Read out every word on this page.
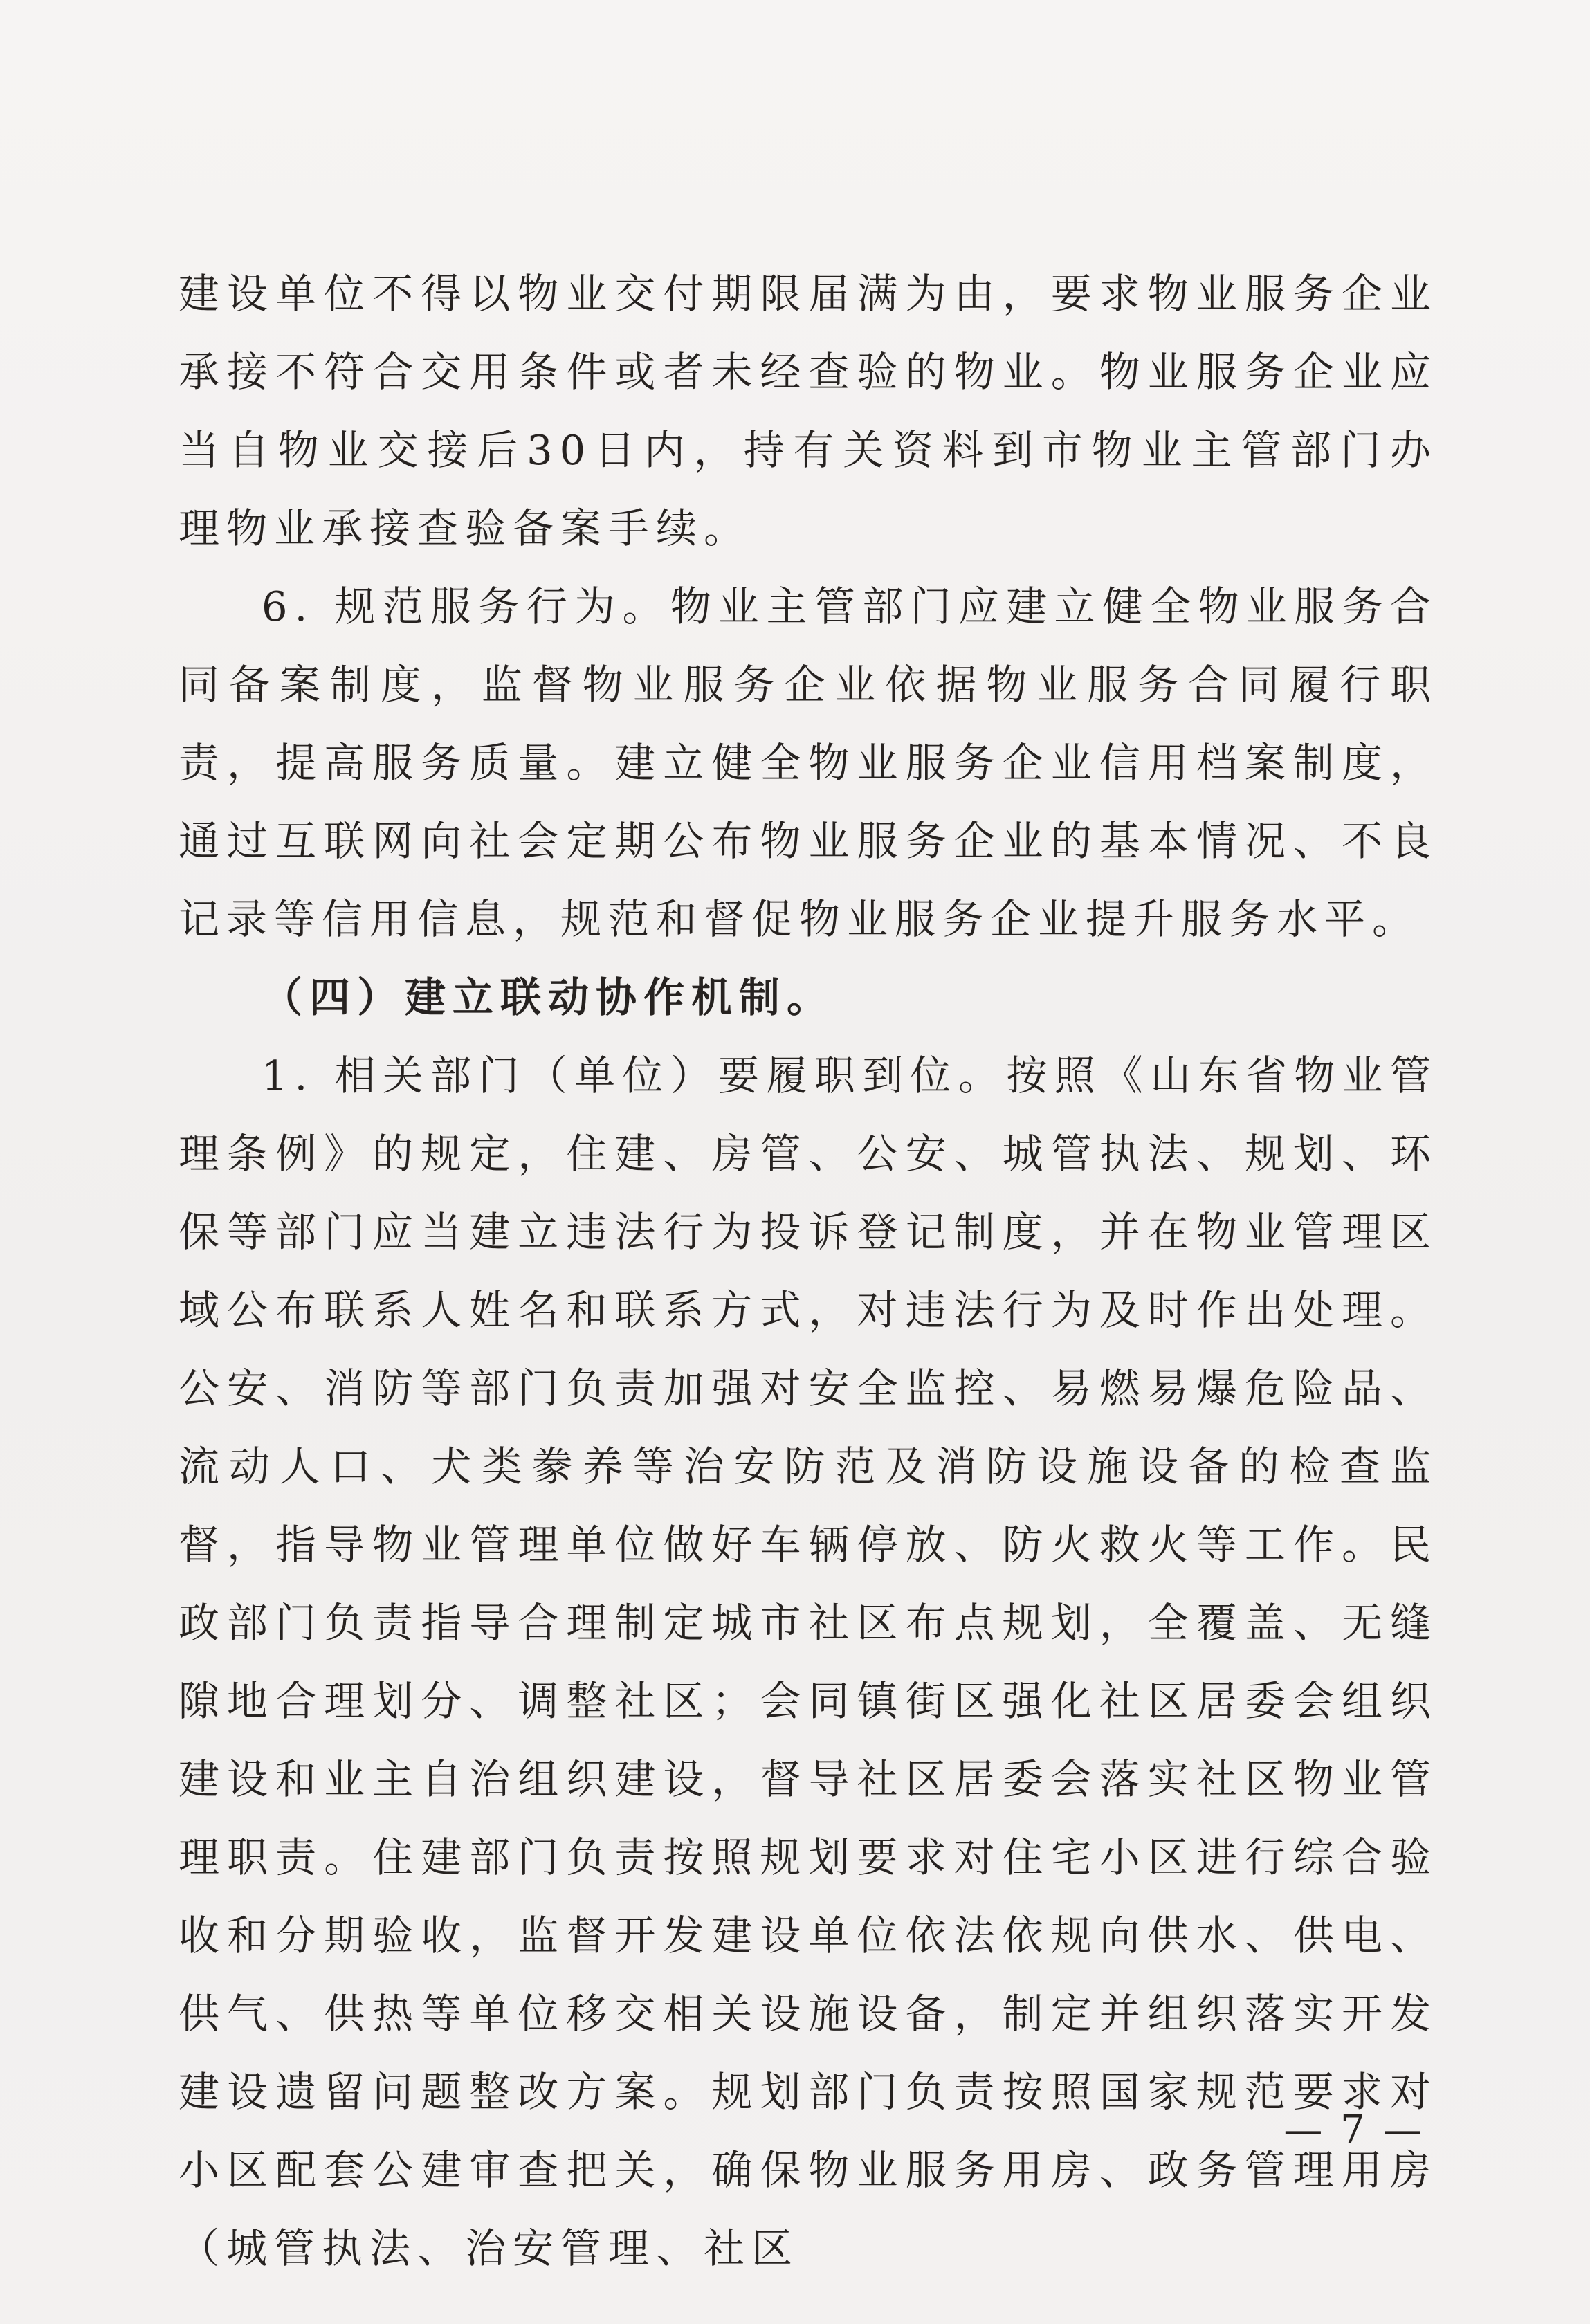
建设单位不得以物业交付期限届满为由，要求物业服务企业承接不符合交用条件或者未经查验的物业。物业服务企业应当自物业交接后30日内，持有关资料到市物业主管部门办理物业承接查验备案手续。

6. 规范服务行为。物业主管部门应建立健全物业服务合同备案制度，监督物业服务企业依据物业服务合同履行职责，提高服务质量。建立健全物业服务企业信用档案制度，通过互联网向社会定期公布物业服务企业的基本情况、不良记录等信用信息，规范和督促物业服务企业提升服务水平。

（四）建立联动协作机制。

1. 相关部门（单位）要履职到位。按照《山东省物业管理条例》的规定，住建、房管、公安、城管执法、规划、环保等部门应当建立违法行为投诉登记制度，并在物业管理区域公布联系人姓名和联系方式，对违法行为及时作出处理。公安、消防等部门负责加强对安全监控、易燃易爆危险品、流动人口、犬类豢养等治安防范及消防设施设备的检查监督，指导物业管理单位做好车辆停放、防火救火等工作。民政部门负责指导合理制定城市社区布点规划，全覆盖、无缝隙地合理划分、调整社区；会同镇街区强化社区居委会组织建设和业主自治组织建设，督导社区居委会落实社区物业管理职责。住建部门负责按照规划要求对住宅小区进行综合验收和分期验收，监督开发建设单位依法依规向供水、供电、供气、供热等单位移交相关设施设备，制定并组织落实开发建设遗留问题整改方案。规划部门负责按照国家规范要求对小区配套公建审查把关，确保物业服务用房、政务管理用房（城管执法、治安管理、社区

— 7 —
